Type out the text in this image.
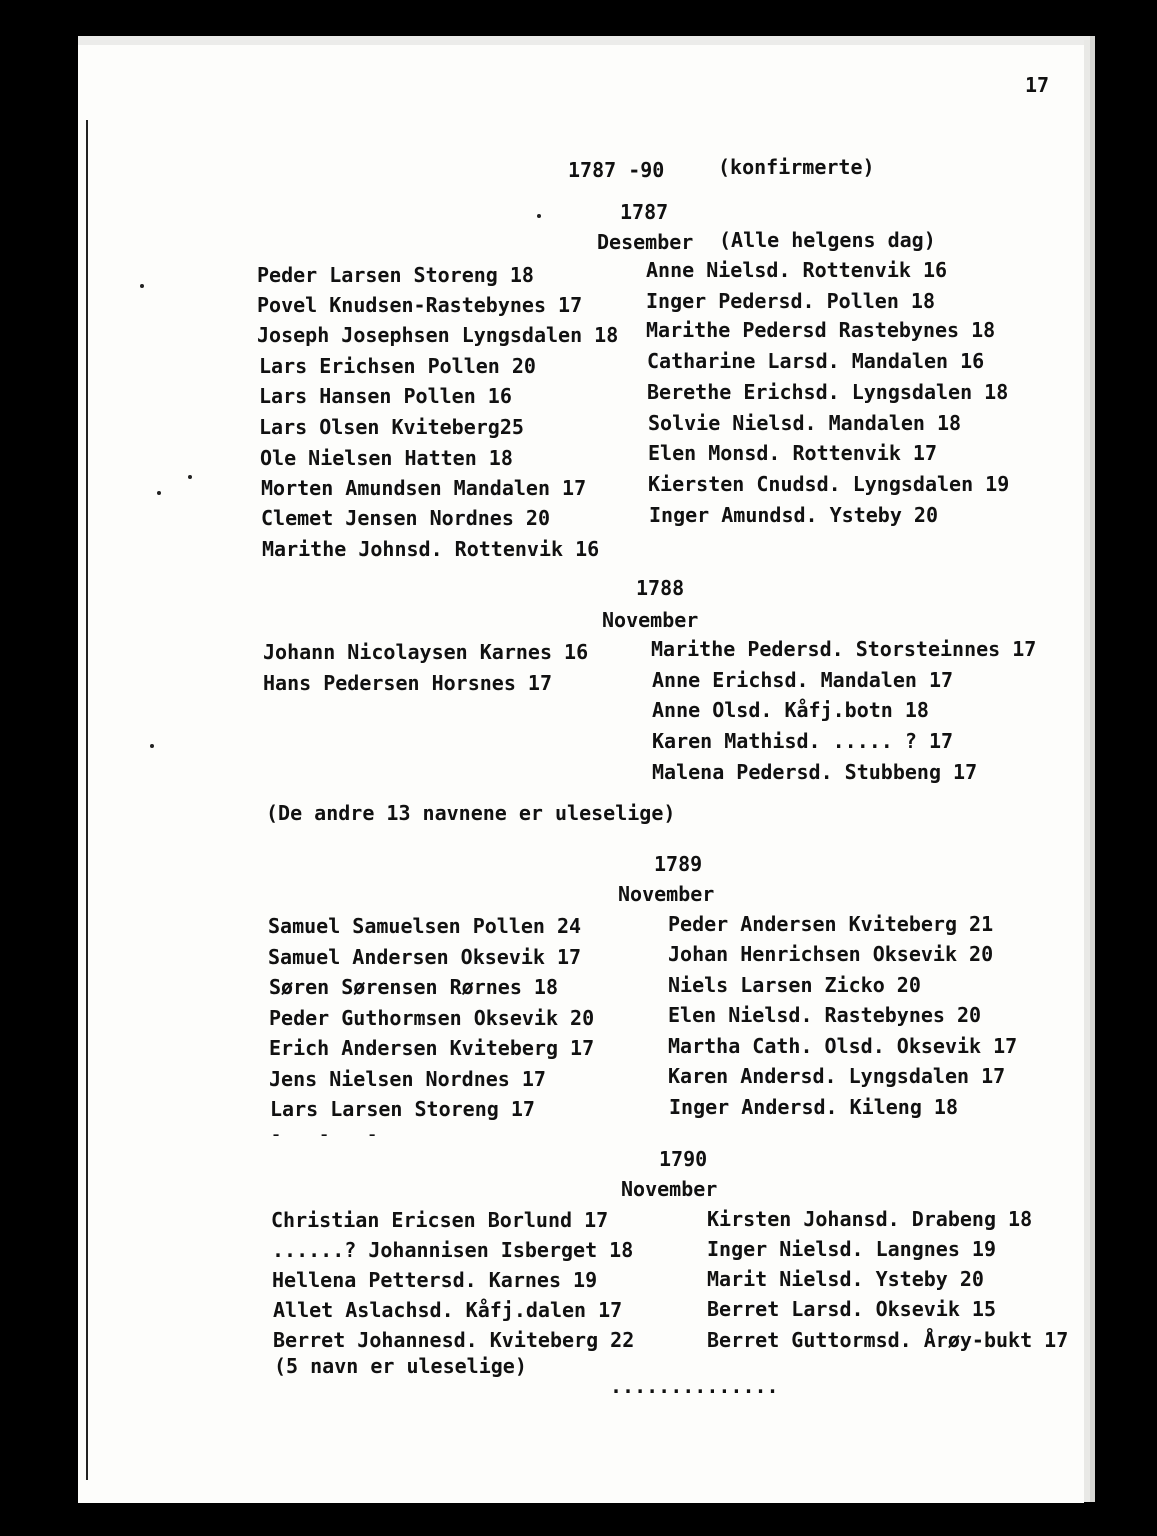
17
1787 -90	(konfirmerte)
1787
Desember (Alle helgens dag)
Peder Larsen Storeng 18
Povel Knudsen-Rastebynes 17
Joseph Josephsen Lyngsdalen 18
Lars Erichsen Pollen 20
Lars Hansen Pollen 16
Lars Olsen Kviteberg25
Ole Nielsen Hatten 18
Morten Amundsen Mandalen 17
Clemet Jensen Nordnes 20
Marithe Johnsd. Rottenvik 16
Anne Nielsd. Rottenvik 16
Inger Pedersd. Pollen 18
Marithe Pedersd Rastebynes 18
Catharine Larsd. Mandalen 16
Berethe Erichsd. Lyngsdalen 18
Solvie Nielsd. Mandalen 18
Elen Monsd. Rottenvik 17
Kiersten Cnudsd. Lyngsdalen 19
Inger Amundsd. Ysteby 20
1788
November
Johann Nicolaysen Karnes 16
Hans Pedersen Horsnes 17
Marithe Pedersd. Storsteinnes 17
Anne Erichsd. Mandalen 17
Anne Olsd. Kåfj.botn 18
Karen Mathisd. ..... ? 17
Malena Pedersd. Stubbeng 17
(De andre 13 navnene er uleselige)
1789
November
Samuel Samuelsen Pollen 24
Samuel Andersen Oksevik 17
Søren Sørensen Rørnes 18
Peder Guthormsen Oksevik 20
Erich Andersen Kviteberg 17
Jens Nielsen Nordnes 17
Lars Larsen Storeng 17
Peder Andersen Kviteberg 21
Johan Henrichsen Oksevik 20
Niels Larsen Zicko 20
Elen Nielsd. Rastebynes 20
Martha Cath. Olsd. Oksevik 17
Karen Andersd. Lyngsdalen 17
Inger Andersd. Kileng 18
- - -
1790
November
Christian Ericsen Borlund 17
......? Johannisen Isberget 18
Hellena Pettersd. Karnes 19
Allet Aslachsd. Kåfj.dalen 17
Berret Johannesd. Kviteberg 22
(5 navn er uleselige)
Kirsten Johansd. Drabeng 18
Inger Nielsd. Langnes 19
Marit Nielsd. Ysteby 20
Berret Larsd. Oksevik 15
Berret Guttormsd. Årøy-bukt 17
..............
